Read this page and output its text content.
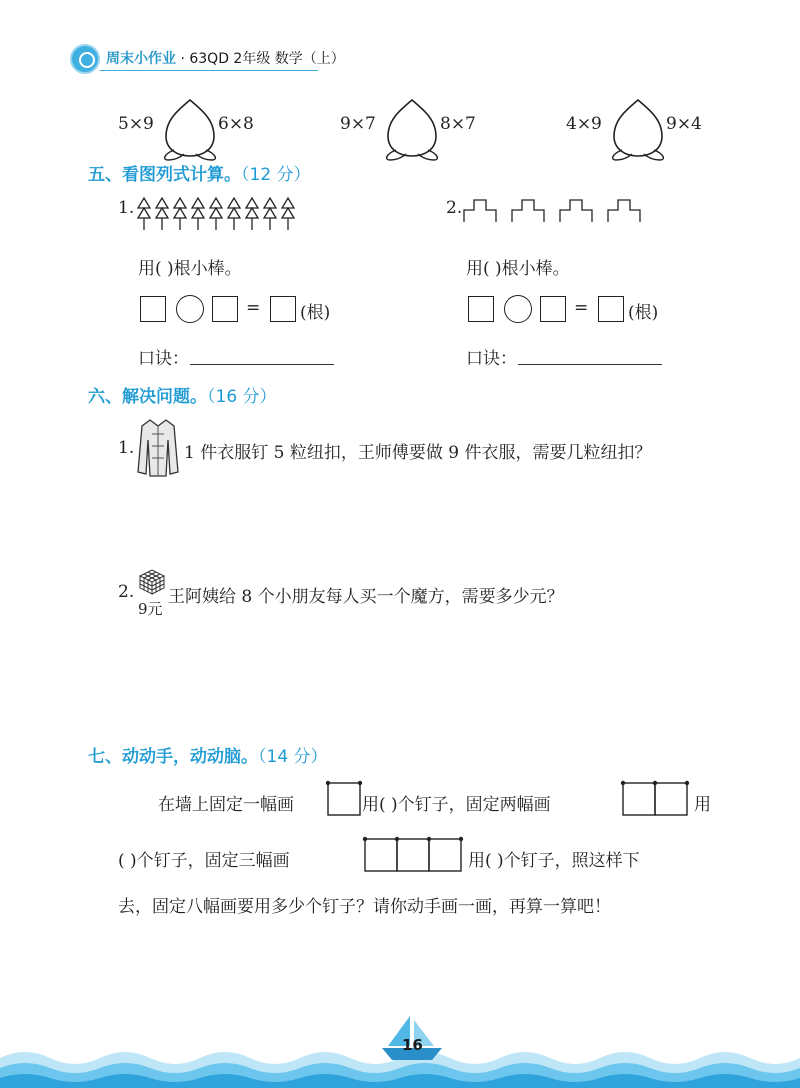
周末小作业 · 63QD 2年级 数学（上）
5×9	6×8	9×7	8×7	4×9	9×4
五、看图列式计算。（12 分）
1.	2.
用( )根小棒。	用( )根小棒。
= (根)	= (根)
口诀：	口诀：
六、解决问题。（16 分）
1.	1 件衣服钉 5 粒纽扣，王师傅要做 9 件衣服，需要几粒纽扣？
2.
9元
王阿姨给 8 个小朋友每人买一个魔方，需要多少元？
七、动动手，动动脑。（14 分）
在墙上固定一幅画	用( )个钉子，固定两幅画	用
( )个钉子，固定三幅画	用( )个钉子，照这样下
去，固定八幅画要用多少个钉子？请你动手画一画，再算一算吧！
16
